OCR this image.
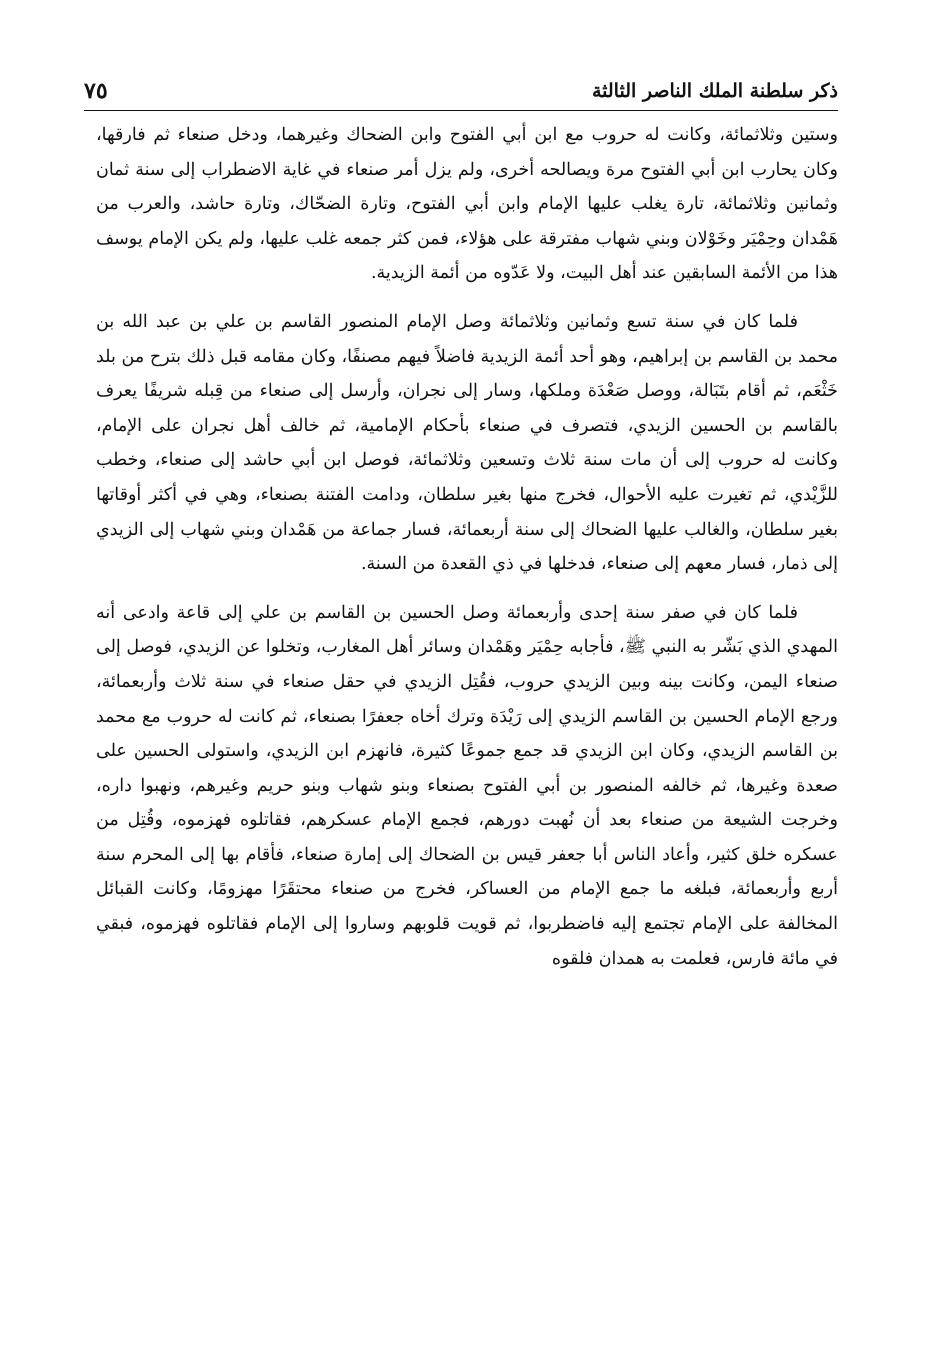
ذكر سلطنة الملك الناصر الثالثة
٧٥

وستين وثلاثمائة، وكانت له حروب مع ابن أبي الفتوح وابن الضحاك وغيرهما، ودخل صنعاء ثم فارقها، وكان يحارب ابن أبي الفتوح مرة ويصالحه أخرى، ولم يزل أمر صنعاء في غاية الاضطراب إلى سنة ثمان وثمانين وثلاثمائة، تارة يغلب عليها الإمام وابن أبي الفتوح، وتارة الضحّاك، وتارة حاشد، والعرب من هَمْدان وحِمْيَر وخَوْلان وبني شهاب مفترقة على هؤلاء، فمن كثر جمعه غلب عليها، ولم يكن الإمام يوسف هذا من الأئمة السابقين عند أهل البيت، ولا عَدّوه من أئمة الزيدية.

فلما كان في سنة تسع وثمانين وثلاثمائة وصل الإمام المنصور القاسم بن علي بن عبد الله بن محمد بن القاسم بن إبراهيم، وهو أحد أئمة الزيدية فاضلاً فيهم مصنفًا، وكان مقامه قبل ذلك بترح من بلد خَثْعَم، ثم أقام بتَبَالة، ووصل صَعْدَة وملكها، وسار إلى نجران، وأرسل إلى صنعاء من قِبله شريفًا يعرف بالقاسم بن الحسين الزيدي، فتصرف في صنعاء بأحكام الإمامية، ثم خالف أهل نجران على الإمام، وكانت له حروب إلى أن مات سنة ثلاث وتسعين وثلاثمائة، فوصل ابن أبي حاشد إلى صنعاء، وخطب للزَّيْدي، ثم تغيرت عليه الأحوال، فخرج منها بغير سلطان، ودامت الفتنة بصنعاء، وهي في أكثر أوقاتها بغير سلطان، والغالب عليها الضحاك إلى سنة أربعمائة، فسار جماعة من هَمْدان وبني شهاب إلى الزيدي إلى ذمار، فسار معهم إلى صنعاء، فدخلها في ذي القعدة من السنة.

فلما كان في صفر سنة إحدى وأربعمائة وصل الحسين بن القاسم بن علي إلى قاعة وادعى أنه المهدي الذي بَشّر به النبي ﷺ، فأجابه حِمْيَر وهَمْدان وسائر أهل المغارب، وتخلوا عن الزيدي، فوصل إلى صنعاء اليمن، وكانت بينه وبين الزيدي حروب، فقُتِل الزيدي في حقل صنعاء في سنة ثلاث وأربعمائة، ورجع الإمام الحسين بن القاسم الزيدي إلى رَيْدَة وترك أخاه جعفرًا بصنعاء، ثم كانت له حروب مع محمد بن القاسم الزيدي، وكان ابن الزيدي قد جمع جموعًا كثيرة، فانهزم ابن الزيدي، واستولى الحسين على صعدة وغيرها، ثم خالفه المنصور بن أبي الفتوح بصنعاء وبنو شهاب وبنو حريم وغيرهم، ونهبوا داره، وخرجت الشيعة من صنعاء بعد أن نُهبت دورهم، فجمع الإمام عسكرهم، فقاتلوه فهزموه، وقُتِل من عسكره خلق كثير، وأعاد الناس أبا جعفر قيس بن الضحاك إلى إمارة صنعاء، فأقام بها إلى المحرم سنة أربع وأربعمائة، فبلغه ما جمع الإمام من العساكر، فخرج من صنعاء محتقَرًا مهزومًا، وكانت القبائل المخالفة على الإمام تجتمع إليه فاضطربوا، ثم قويت قلوبهم وساروا إلى الإمام فقاتلوه فهزموه، فبقي في مائة فارس، فعلمت به همدان فلقوه
